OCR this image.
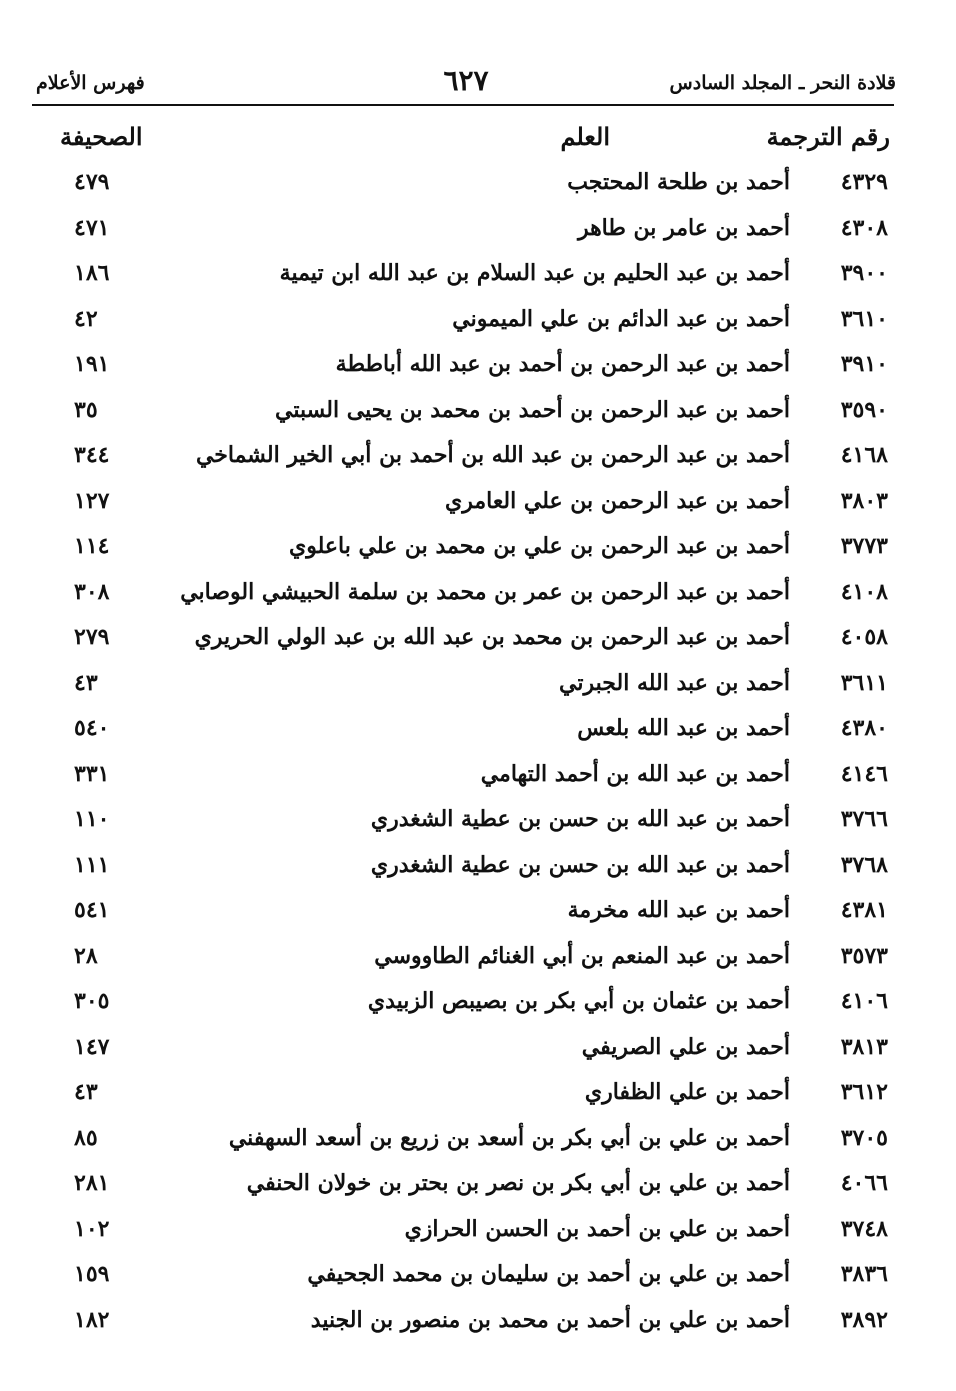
قلادة النحر ـ المجلد السادس
٦٢٧
فهرس الأعلام
رقم الترجمة
العلم
الصحيفة
٤٣٢٩
أحمد بن طلحة المحتجب
٤٧٩
٤٣٠٨
أحمد بن عامر بن طاهر
٤٧١
٣٩٠٠
أحمد بن عبد الحليم بن عبد السلام بن عبد الله ابن تيمية
١٨٦
٣٦١٠
أحمد بن عبد الدائم بن علي الميموني
٤٢
٣٩١٠
أحمد بن عبد الرحمن بن أحمد بن عبد الله أباططة
١٩١
٣٥٩٠
أحمد بن عبد الرحمن بن أحمد بن محمد بن يحيى السبتي
٣٥
٤١٦٨
أحمد بن عبد الرحمن بن عبد الله بن أحمد بن أبي الخير الشماخي
٣٤٤
٣٨٠٣
أحمد بن عبد الرحمن بن علي العامري
١٢٧
٣٧٧٣
أحمد بن عبد الرحمن بن علي بن محمد بن علي باعلوي
١١٤
٤١٠٨
أحمد بن عبد الرحمن بن عمر بن محمد بن سلمة الحبيشي الوصابي
٣٠٨
٤٠٥٨
أحمد بن عبد الرحمن بن محمد بن عبد الله بن عبد الولي الحريري
٢٧٩
٣٦١١
أحمد بن عبد الله الجبرتي
٤٣
٤٣٨٠
أحمد بن عبد الله بلعس
٥٤٠
٤١٤٦
أحمد بن عبد الله بن أحمد التهامي
٣٣١
٣٧٦٦
أحمد بن عبد الله بن حسن بن عطية الشغدري
١١٠
٣٧٦٨
أحمد بن عبد الله بن حسن بن عطية الشغدري
١١١
٤٣٨١
أحمد بن عبد الله مخرمة
٥٤١
٣٥٧٣
أحمد بن عبد المنعم بن أبي الغنائم الطاووسي
٢٨
٤١٠٦
أحمد بن عثمان بن أبي بكر بن بصيبص الزبيدي
٣٠٥
٣٨١٣
أحمد بن علي الصريفي
١٤٧
٣٦١٢
أحمد بن علي الظفاري
٤٣
٣٧٠٥
أحمد بن علي بن أبي بكر بن أسعد بن زريع بن أسعد السهفني
٨٥
٤٠٦٦
أحمد بن علي بن أبي بكر بن نصر بن بحتر بن خولان الحنفي
٢٨١
٣٧٤٨
أحمد بن علي بن أحمد بن الحسن الحرازي
١٠٢
٣٨٣٦
أحمد بن علي بن أحمد بن سليمان بن محمد الجحيفي
١٥٩
٣٨٩٢
أحمد بن علي بن أحمد بن محمد بن منصور بن الجنيد
١٨٢
